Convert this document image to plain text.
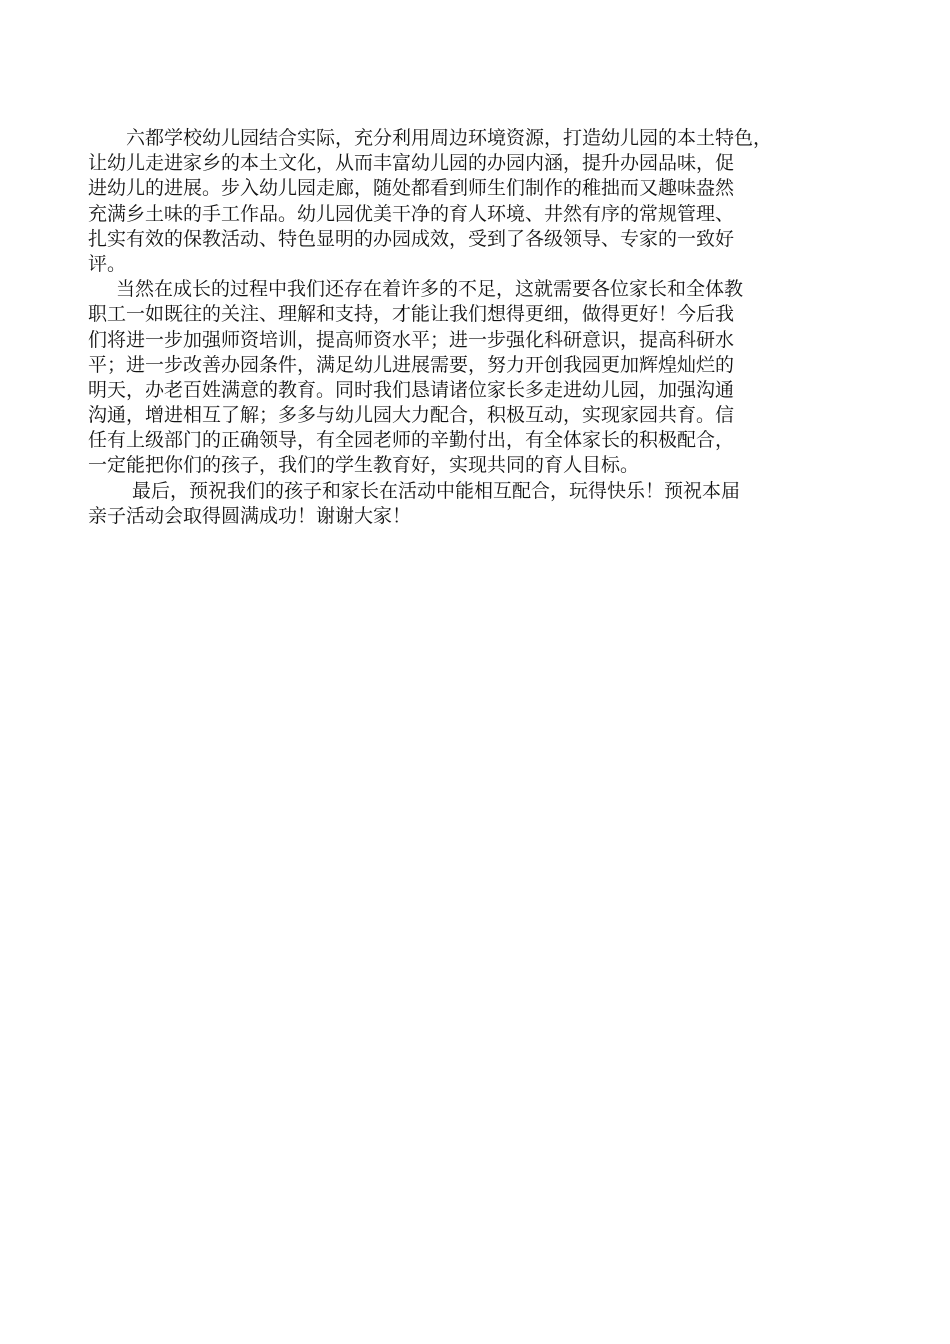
六都学校幼儿园结合实际，充分利用周边环境资源，打造幼儿园的本土特色，
让幼儿走进家乡的本土文化，从而丰富幼儿园的办园内涵，提升办园品味，促
进幼儿的进展。步入幼儿园走廊，随处都看到师生们制作的稚拙而又趣味盎然
充满乡土味的手工作品。幼儿园优美干净的育人环境、井然有序的常规管理、
扎实有效的保教活动、特色显明的办园成效，受到了各级领导、专家的一致好
评。
当然在成长的过程中我们还存在着许多的不足，这就需要各位家长和全体教
职工一如既往的关注、理解和支持，才能让我们想得更细，做得更好！今后我
们将进一步加强师资培训，提高师资水平；进一步强化科研意识，提高科研水
平；进一步改善办园条件，满足幼儿进展需要，努力开创我园更加辉煌灿烂的
明天，办老百姓满意的教育。同时我们恳请诸位家长多走进幼儿园，加强沟通
沟通，增进相互了解；多多与幼儿园大力配合，积极互动，实现家园共育。信
任有上级部门的正确领导，有全园老师的辛勤付出，有全体家长的积极配合，
一定能把你们的孩子，我们的学生教育好，实现共同的育人目标。
最后，预祝我们的孩子和家长在活动中能相互配合，玩得快乐！预祝本届
亲子活动会取得圆满成功！谢谢大家！
